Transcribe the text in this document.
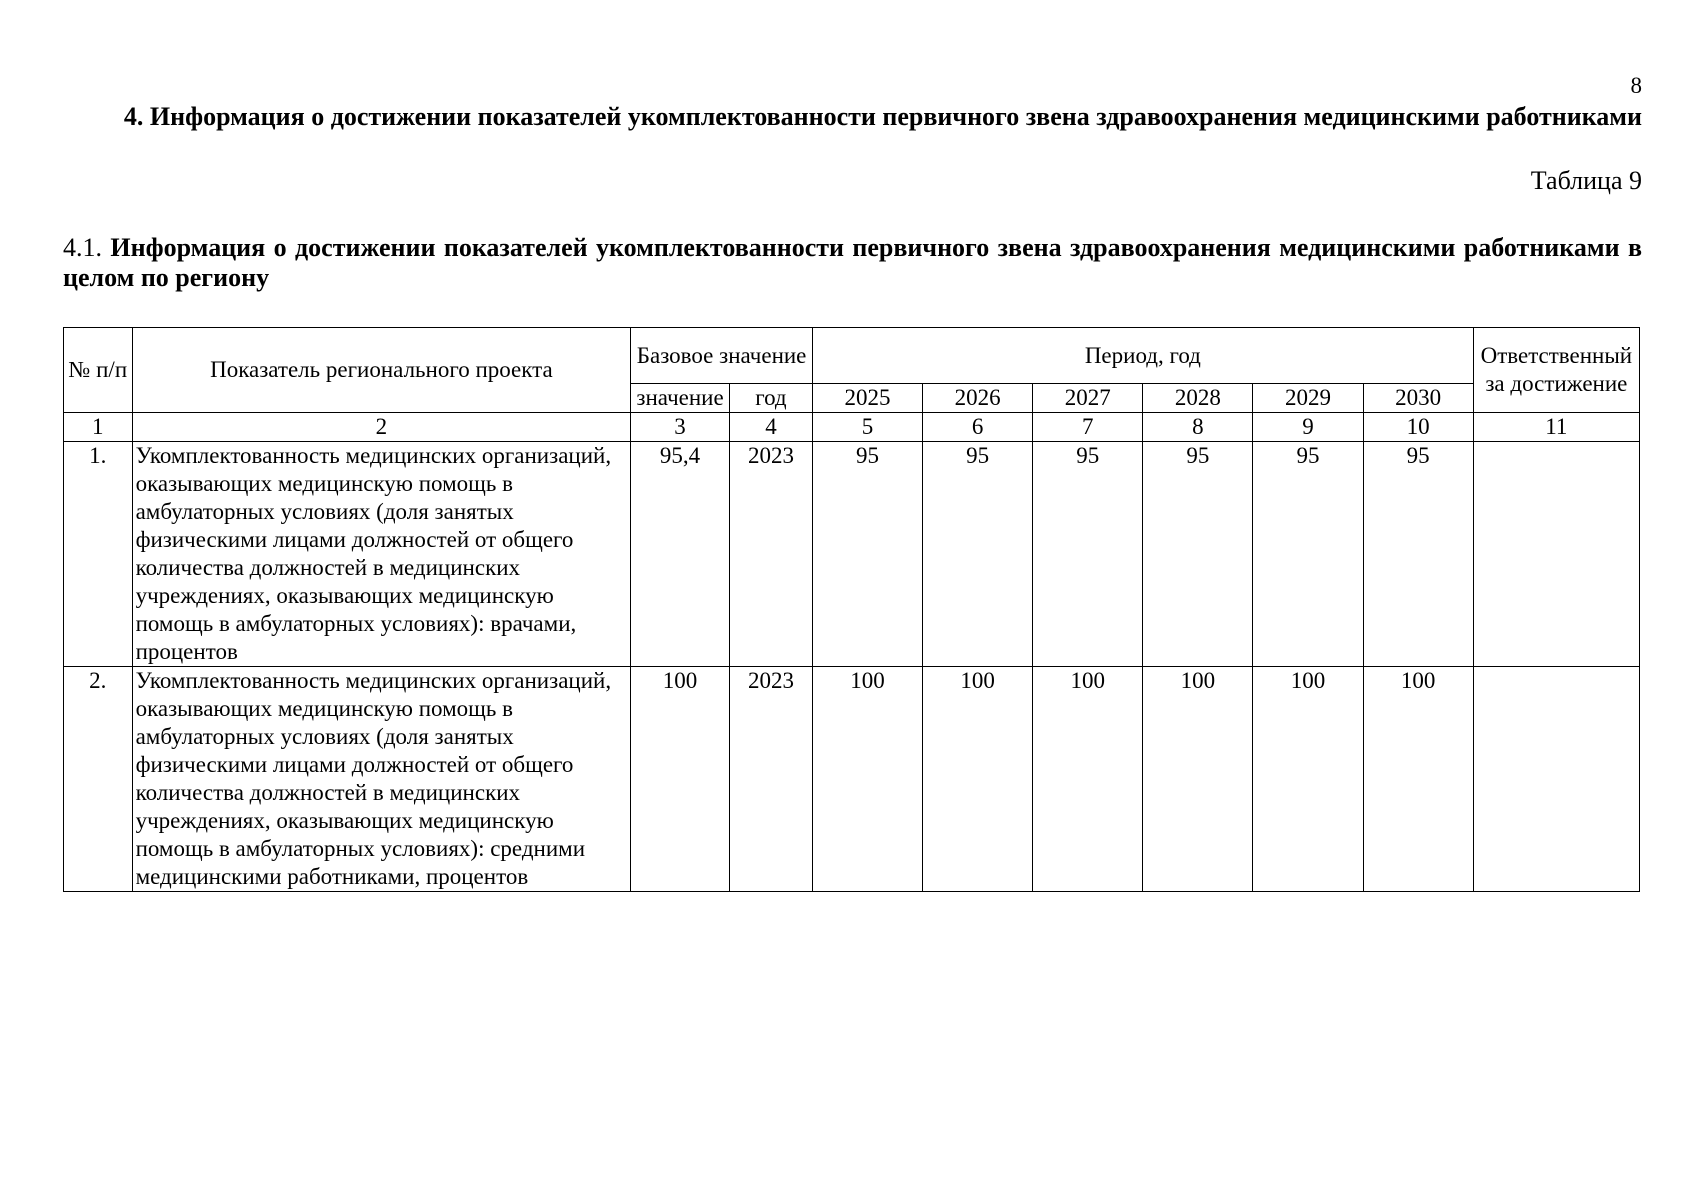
8
4. Информация о достижении показателей укомплектованности первичного звена здравоохранения медицинскими работниками
Таблица 9
4.1. Информация о достижении показателей укомплектованности первичного звена здравоохранения медицинскими работниками в целом по региону
№ п/п	Показатель регионального проекта	Базовое значение		Период, год						Ответственный за достижение
		значение	год	2025	2026	2027	2028	2029	2030	
1	2	3	4	5	6	7	8	9	10	11
1.	Укомплектованность медицинских организаций, оказывающих медицинскую помощь в амбулаторных условиях (доля занятых физическими лицами должностей от общего количества должностей в медицинских учреждениях, оказывающих медицинскую помощь в амбулаторных условиях): врачами, процентов	95,4	2023	95	95	95	95	95	95	
2.	Укомплектованность медицинских организаций, оказывающих медицинскую помощь в амбулаторных условиях (доля занятых физическими лицами должностей от общего количества должностей в медицинских учреждениях, оказывающих медицинскую помощь в амбулаторных условиях): средними медицинскими работниками, процентов	100	2023	100	100	100	100	100	100	
